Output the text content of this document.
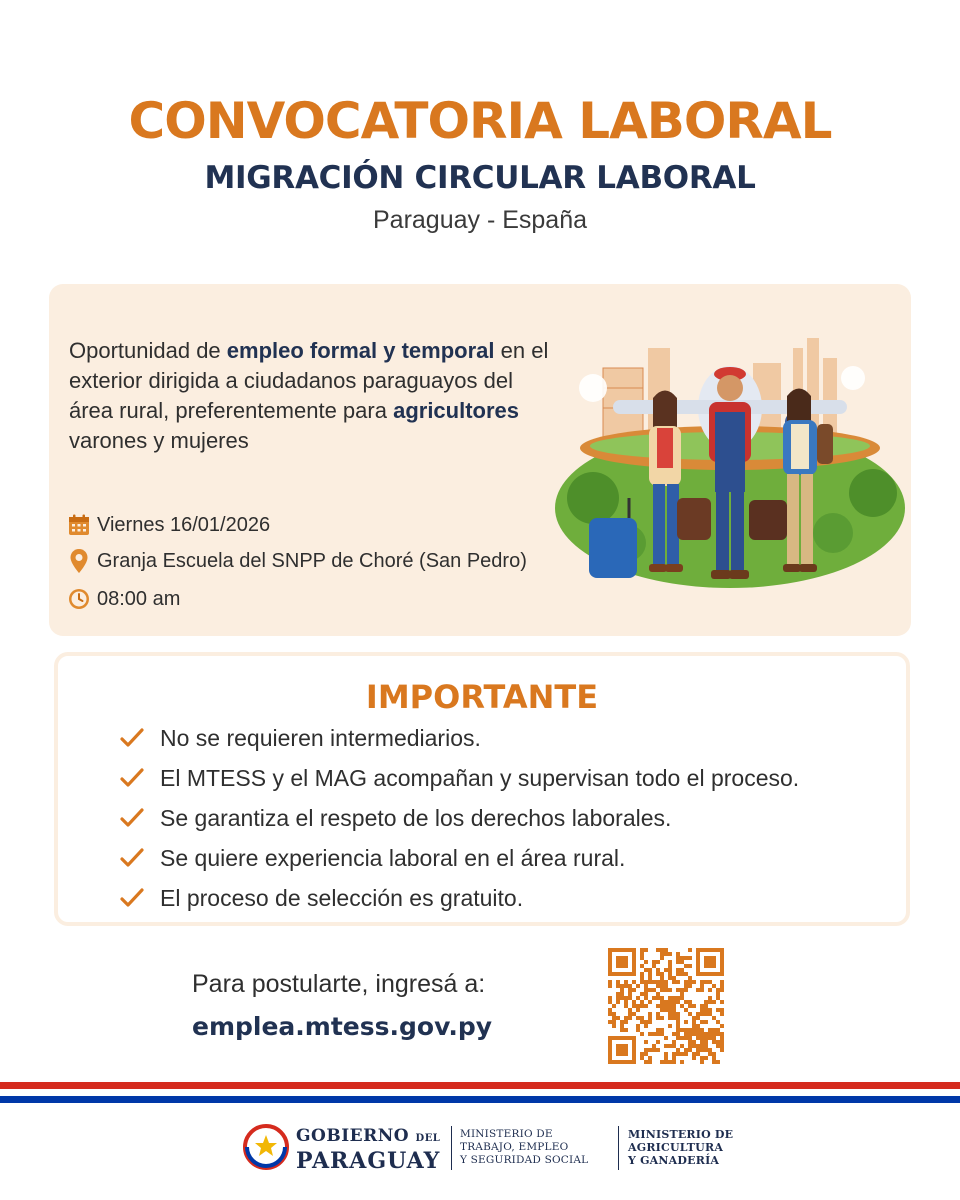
CONVOCATORIA LABORAL
MIGRACIÓN CIRCULAR LABORAL
Paraguay - España
Oportunidad de empleo formal y temporal en el exterior dirigida a ciudadanos paraguayos del área rural, preferentemente para agricultores varones y mujeres
Viernes 16/01/2026
Granja Escuela del SNPP de Choré (San Pedro)
08:00 am
IMPORTANTE
No se requieren intermediarios.
El MTESS y el MAG acompañan y supervisan todo el proceso.
Se garantiza el respeto de los derechos laborales.
Se quiere experiencia laboral en el área rural.
El proceso de selección es gratuito.
Para postularte, ingresá a:
emplea.mtess.gov.py
GOBIERNO DEL
PARAGUAY
MINISTERIO DE
TRABAJO, EMPLEO
Y SEGURIDAD SOCIAL
MINISTERIO DE
AGRICULTURA
Y GANADERÍA
